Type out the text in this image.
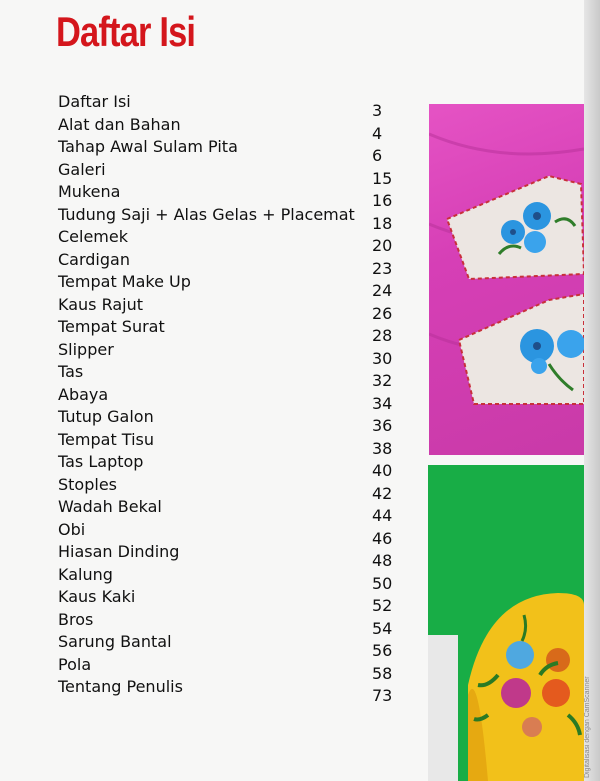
Daftar Isi
Daftar Isi	3
Alat dan Bahan	4
Tahap Awal Sulam Pita	6
Galeri	15
Mukena	16
Tudung Saji + Alas Gelas + Placemat 18
Celemek	20
Cardigan	23
Tempat Make Up	24
Kaus Rajut	26
Tempat Surat	28
Slipper	30
Tas	32
Abaya	34
Tutup Galon	36
Tempat Tisu	38
Tas Laptop	40
Stoples	42
Wadah Bekal	44
Obi	46
Hiasan Dinding	48
Kalung	50
Kaus Kaki	52
Bros	54
Sarung Bantal	56
Pola	58
Tentang Penulis	73	Digitalisasi dengan CamScanner
